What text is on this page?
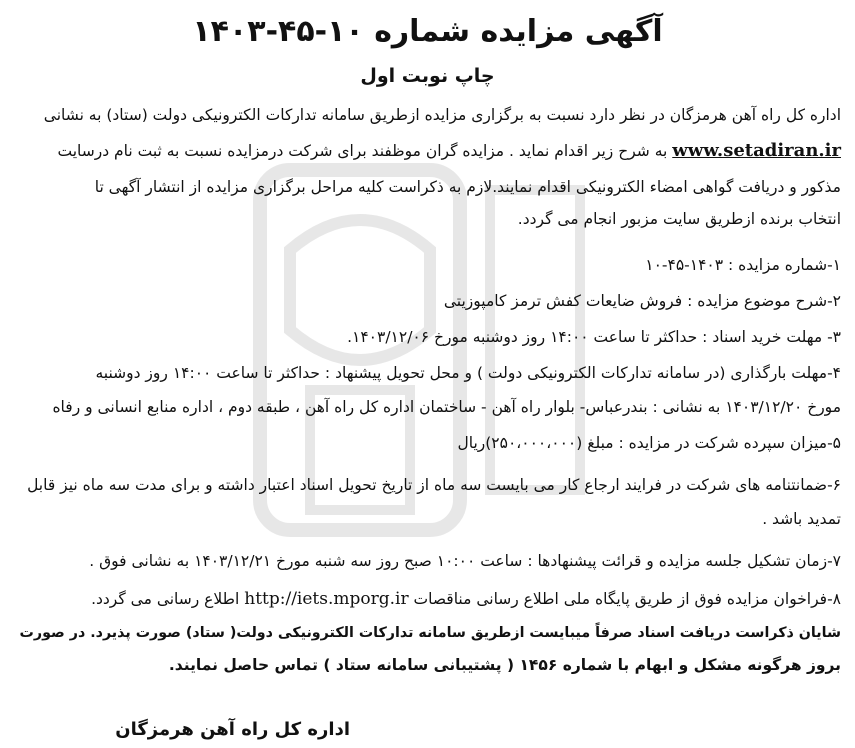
آگهی مزایده شماره ۱۰-۴۵-۱۴۰۳
چاپ نوبت اول
اداره کل راه آهن هرمزگان در نظر دارد نسبت به برگزاری مزایده ازطریق سامانه تدارکات الکترونیکی دولت (ستاد) به نشانی
www.setadiran.ir به شرح زیر اقدام نماید . مزایده گران موظفند برای شرکت درمزایده نسبت به ثبت نام درسایت
مذکور و دریافت گواهی امضاء الکترونیکی اقدام نمایند.لازم به ذکراست کلیه مراحل برگزاری مزایده از انتشار آگهی تا
انتخاب برنده ازطریق سایت مزبور انجام می گردد.
۱-شماره مزایده : ۱۴۰۳-۴۵-۱۰
۲-شرح موضوع مزایده : فروش ضایعات کفش ترمز کامپوزیتی
۳- مهلت خرید اسناد : حداکثر تا ساعت ۱۴:۰۰ روز دوشنبه مورخ ۱۴۰۳/۱۲/۰۶.
۴-مهلت بارگذاری (در سامانه تدارکات الکترونیکی دولت ) و محل تحویل پیشنهاد : حداکثر تا ساعت ۱۴:۰۰ روز دوشنبه
مورخ ۱۴۰۳/۱۲/۲۰ به نشانی : بندرعباس- بلوار راه آهن - ساختمان اداره کل راه آهن ، طبقه دوم ، اداره منابع انسانی و رفاه
۵-میزان سپرده شرکت در مزایده : مبلغ (۲۵۰،۰۰۰،۰۰۰)ریال
۶-ضمانتنامه های شرکت در فرایند ارجاع کار می بایست سه ماه از تاریخ تحویل اسناد اعتبار داشته و برای مدت سه ماه نیز قابل
تمدید باشد .
۷-زمان تشکیل جلسه مزایده و قرائت پیشنهادها : ساعت ۱۰:۰۰ صبح روز سه شنبه مورخ ۱۴۰۳/۱۲/۲۱ به نشانی فوق .
۸-فراخوان مزایده فوق از طریق پایگاه ملی اطلاع رسانی مناقصات http://iets.mporg.ir اطلاع رسانی می گردد.
شایان ذکراست دریافت اسناد صرفاً میبایست ازطریق سامانه تدارکات الکترونیکی دولت( ستاد) صورت پذیرد. در صورت
بروز هرگونه مشکل و ابهام با شماره ۱۴۵۶ ( پشتیبانی سامانه ستاد ) تماس حاصل نمایند.
اداره کل راه آهن هرمزگان
